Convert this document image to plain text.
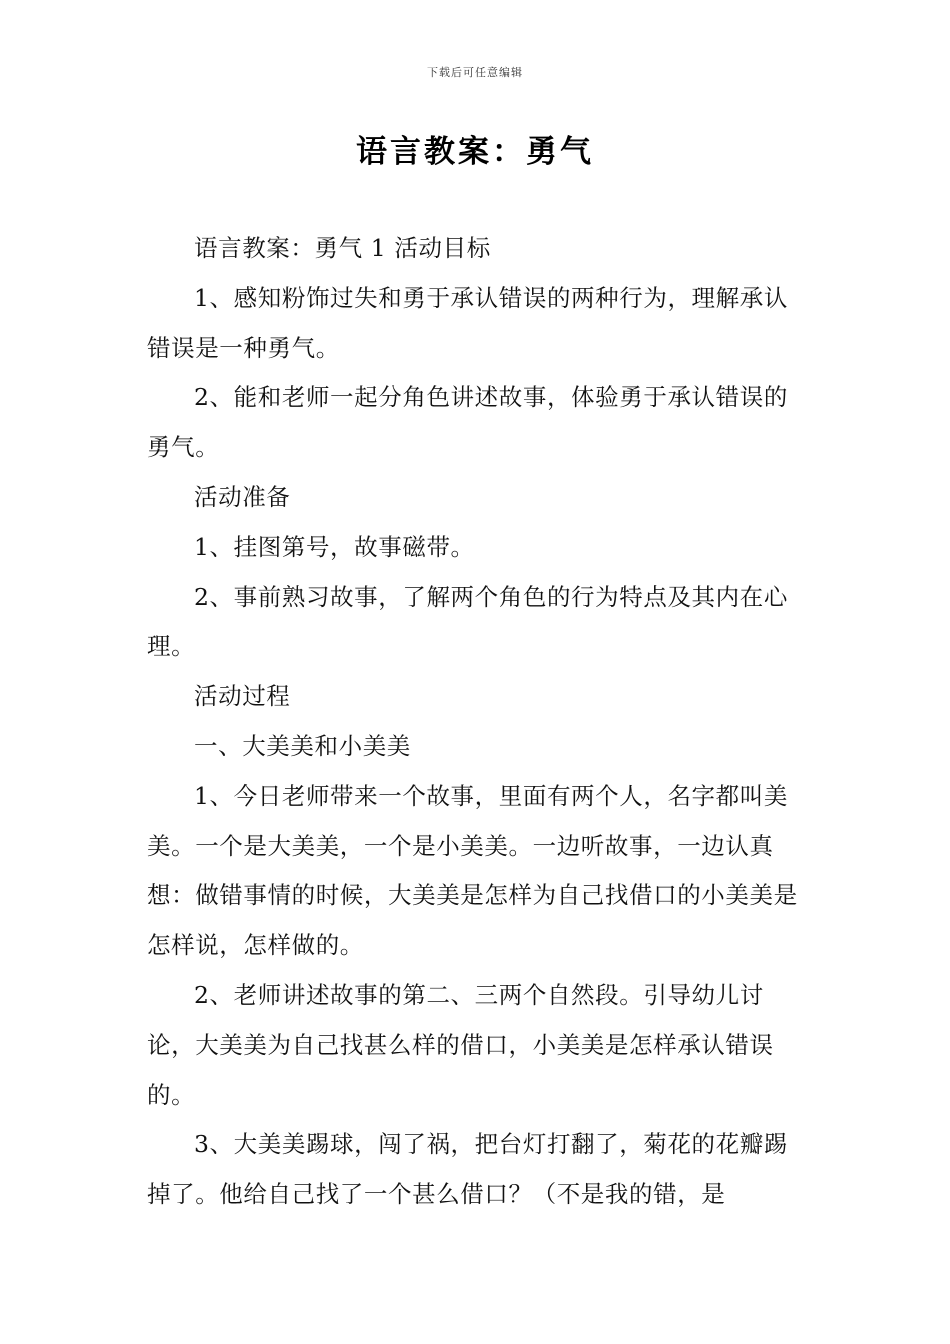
下载后可任意编辑
语言教案：勇气

语言教案：勇气 1 活动目标

1、感知粉饰过失和勇于承认错误的两种行为，理解承认错误是一种勇气。

2、能和老师一起分角色讲述故事，体验勇于承认错误的勇气。

活动准备

1、挂图第号，故事磁带。

2、事前熟习故事，了解两个角色的行为特点及其内在心理。

活动过程

一、大美美和小美美

1、今日老师带来一个故事，里面有两个人，名字都叫美美。一个是大美美，一个是小美美。一边听故事，一边认真想：做错事情的时候，大美美是怎样为自己找借口的小美美是怎样说，怎样做的。

2、老师讲述故事的第二、三两个自然段。引导幼儿讨论，大美美为自己找甚么样的借口，小美美是怎样承认错误的。

3、大美美踢球，闯了祸，把台灯打翻了，菊花的花瓣踢掉了。他给自己找了一个甚么借口？（不是我的错，是
